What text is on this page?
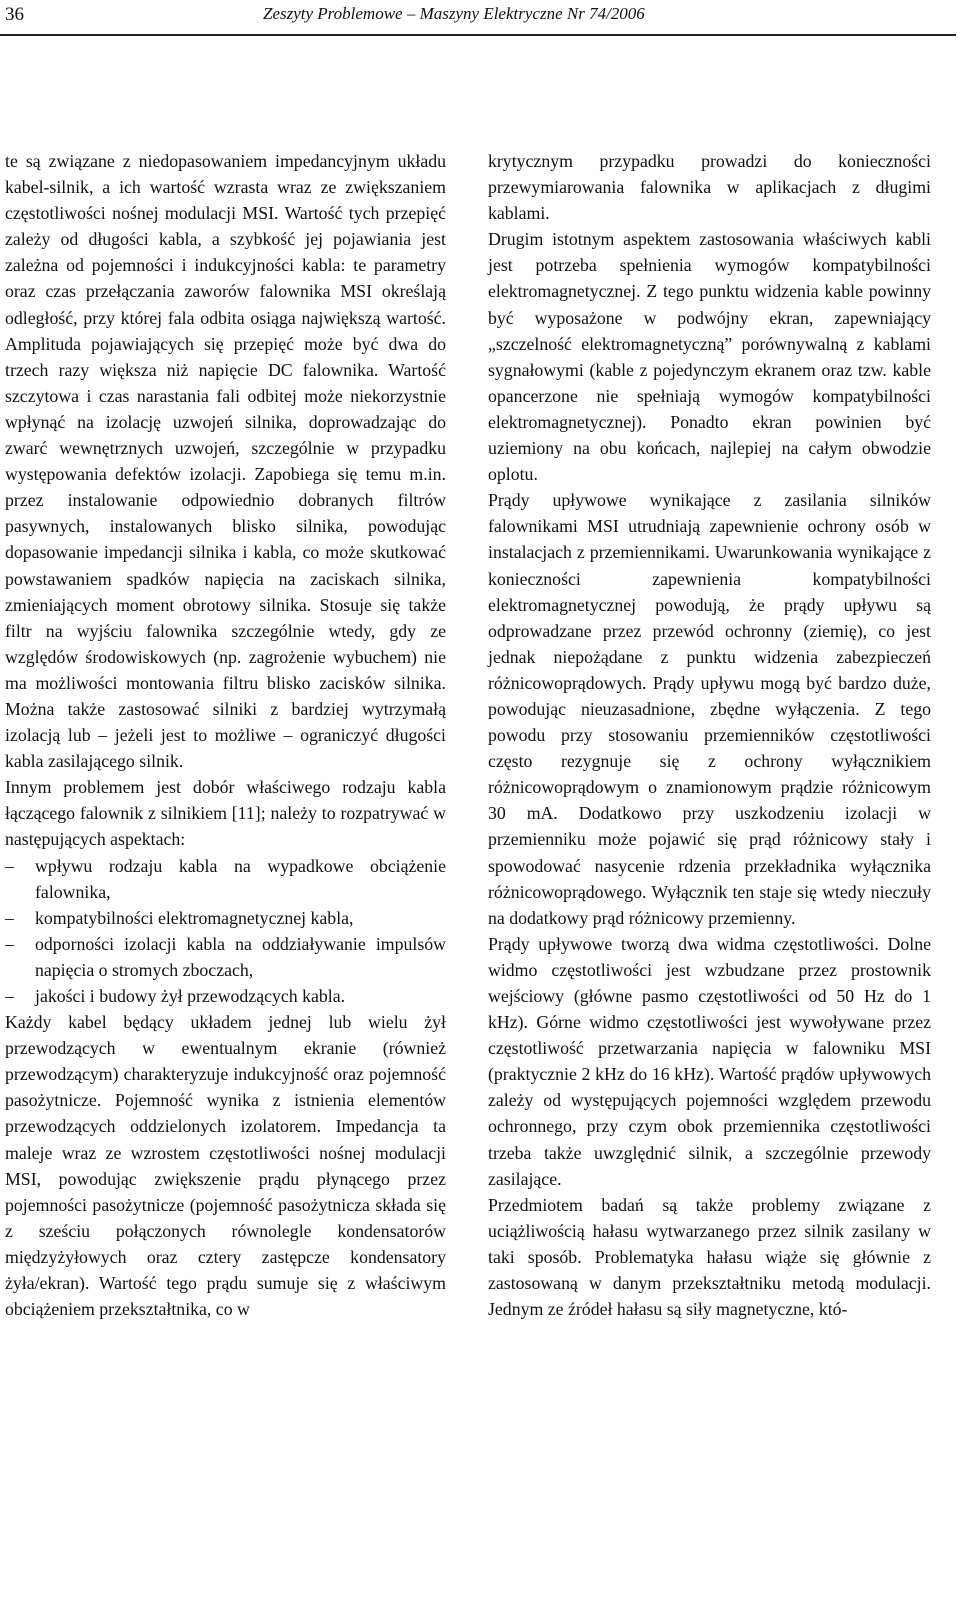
36	Zeszyty Problemowe – Maszyny Elektryczne Nr 74/2006

te są związane z niedopasowaniem impedancyjnym układu kabel-silnik, a ich wartość wzrasta wraz ze zwiększaniem częstotliwości nośnej modulacji MSI. Wartość tych przepięć zależy od długości kabla, a szybkość jej pojawiania jest zależna od pojemności i indukcyjności kabla: te parametry oraz czas przełączania zaworów falownika MSI określają odległość, przy której fala odbita osiąga największą wartość. Amplituda pojawiających się przepięć może być dwa do trzech razy większa niż napięcie DC falownika. Wartość szczytowa i czas narastania fali odbitej może niekorzystnie wpłynąć na izolację uzwojeń silnika, doprowadzając do zwarć wewnętrznych uzwojeń, szczególnie w przypadku występowania defektów izolacji. Zapobiega się temu m.in. przez instalowanie odpowiednio dobranych filtrów pasywnych, instalowanych blisko silnika, powodując dopasowanie impedancji silnika i kabla, co może skutkować powstawaniem spadków napięcia na zaciskach silnika, zmieniających moment obrotowy silnika. Stosuje się także filtr na wyjściu falownika szczególnie wtedy, gdy ze względów środowiskowych (np. zagrożenie wybuchem) nie ma możliwości montowania filtru blisko zacisków silnika. Można także zastosować silniki z bardziej wytrzymałą izolacją lub – jeżeli jest to możliwe – ograniczyć długości kabla zasilającego silnik.

Innym problemem jest dobór właściwego rodzaju kabla łączącego falownik z silnikiem [11]; należy to rozpatrywać w następujących aspektach:

– wpływu rodzaju kabla na wypadkowe obciążenie falownika,
– kompatybilności elektromagnetycznej kabla,
– odporności izolacji kabla na oddziaływanie impulsów napięcia o stromych zboczach,
– jakości i budowy żył przewodzących kabla.

Każdy kabel będący układem jednej lub wielu żył przewodzących w ewentualnym ekranie (również przewodzącym) charakteryzuje indukcyjność oraz pojemność pasożytnicze. Pojemność wynika z istnienia elementów przewodzących oddzielonych izolatorem. Impedancja ta maleje wraz ze wzrostem częstotliwości nośnej modulacji MSI, powodując zwiększenie prądu płynącego przez pojemności pasożytnicze (pojemność pasożytnicza składa się z sześciu połączonych równolegle kondensatorów międzyżyłowych oraz cztery zastępcze kondensatory żyła/ekran). Wartość tego prądu sumuje się z właściwym obciążeniem przekształtnika, co w

krytycznym przypadku prowadzi do konieczności przewymiarowania falownika w aplikacjach z długimi kablami.

Drugim istotnym aspektem zastosowania właściwych kabli jest potrzeba spełnienia wymogów kompatybilności elektromagnetycznej. Z tego punktu widzenia kable powinny być wyposażone w podwójny ekran, zapewniający „szczelność elektromagnetyczną” porównywalną z kablami sygnałowymi (kable z pojedynczym ekranem oraz tzw. kable opancerzone nie spełniają wymogów kompatybilności elektromagnetycznej). Ponadto ekran powinien być uziemiony na obu końcach, najlepiej na całym obwodzie oplotu.

Prądy upływowe wynikające z zasilania silników falownikami MSI utrudniają zapewnienie ochrony osób w instalacjach z przemiennikami. Uwarunkowania wynikające z konieczności zapewnienia kompatybilności elektromagnetycznej powodują, że prądy upływu są odprowadzane przez przewód ochronny (ziemię), co jest jednak niepożądane z punktu widzenia zabezpieczeń różnicowoprądowych. Prądy upływu mogą być bardzo duże, powodując nieuzasadnione, zbędne wyłączenia. Z tego powodu przy stosowaniu przemienników częstotliwości często rezygnuje się z ochrony wyłącznikiem różnicowoprądowym o znamionowym prądzie różnicowym 30 mA. Dodatkowo przy uszkodzeniu izolacji w przemienniku może pojawić się prąd różnicowy stały i spowodować nasycenie rdzenia przekładnika wyłącznika różnicowoprądowego. Wyłącznik ten staje się wtedy nieczuły na dodatkowy prąd różnicowy przemienny.

Prądy upływowe tworzą dwa widma częstotliwości. Dolne widmo częstotliwości jest wzbudzane przez prostownik wejściowy (główne pasmo częstotliwości od 50 Hz do 1 kHz). Górne widmo częstotliwości jest wywoływane przez częstotliwość przetwarzania napięcia w falowniku MSI (praktycznie 2 kHz do 16 kHz). Wartość prądów upływowych zależy od występujących pojemności względem przewodu ochronnego, przy czym obok przemiennika częstotliwości trzeba także uwzględnić silnik, a szczególnie przewody zasilające.

Przedmiotem badań są także problemy związane z uciążliwością hałasu wytwarzanego przez silnik zasilany w taki sposób. Problematyka hałasu wiąże się głównie z zastosowaną w danym przekształtniku metodą modulacji. Jednym ze źródeł hałasu są siły magnetyczne, któ-
